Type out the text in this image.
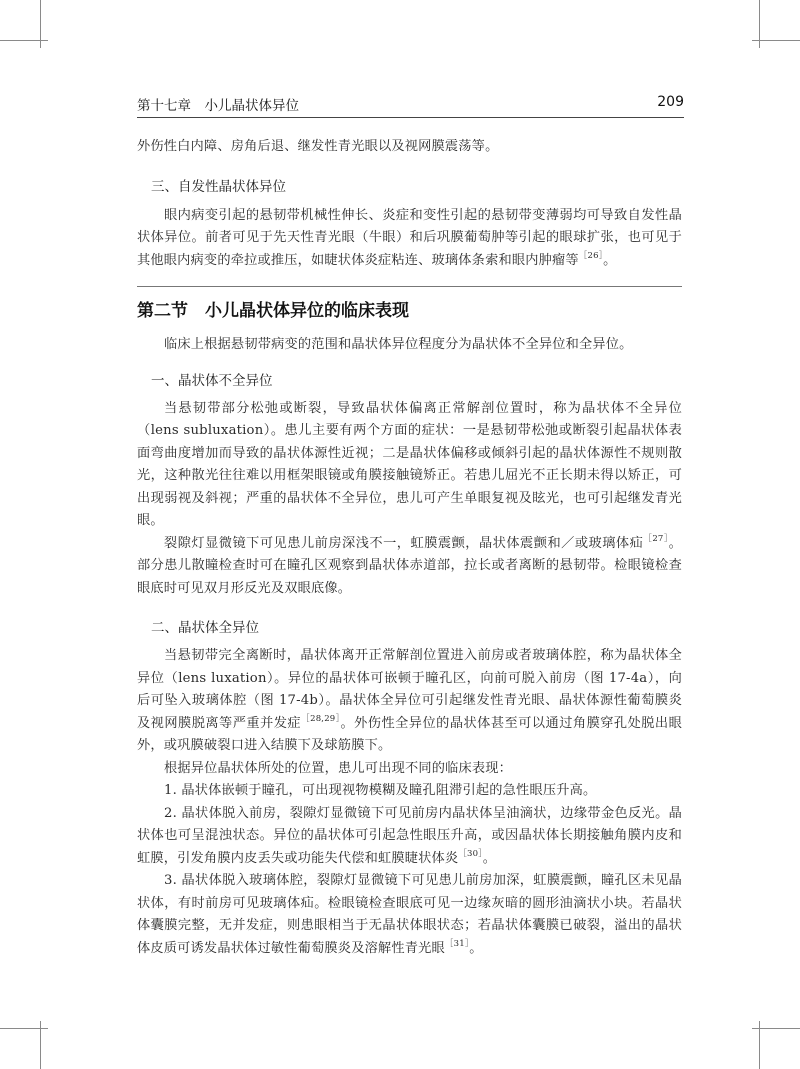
第十七章　小儿晶状体异位	209

外伤性白内障、房角后退、继发性青光眼以及视网膜震荡等。

三、自发性晶状体异位

眼内病变引起的悬韧带机械性伸长、炎症和变性引起的悬韧带变薄弱均可导致自发性晶状体异位。前者可见于先天性青光眼（牛眼）和后巩膜葡萄肿等引起的眼球扩张，也可见于其他眼内病变的牵拉或推压，如睫状体炎症粘连、玻璃体条索和眼内肿瘤等$^{[26]}$。

第二节　小儿晶状体异位的临床表现

临床上根据悬韧带病变的范围和晶状体异位程度分为晶状体不全异位和全异位。

一、晶状体不全异位

当悬韧带部分松弛或断裂，导致晶状体偏离正常解剖位置时，称为晶状体不全异位（lens subluxation）。患儿主要有两个方面的症状：一是悬韧带松弛或断裂引起晶状体表面弯曲度增加而导致的晶状体源性近视；二是晶状体偏移或倾斜引起的晶状体源性不规则散光，这种散光往往难以用框架眼镜或角膜接触镜矫正。若患儿屈光不正长期未得以矫正，可出现弱视及斜视；严重的晶状体不全异位，患儿可产生单眼复视及眩光，也可引起继发青光眼。

裂隙灯显微镜下可见患儿前房深浅不一，虹膜震颤，晶状体震颤和／或玻璃体疝$^{[27]}$。部分患儿散瞳检查时可在瞳孔区观察到晶状体赤道部，拉长或者离断的悬韧带。检眼镜检查眼底时可见双月形反光及双眼底像。

二、晶状体全异位

当悬韧带完全离断时，晶状体离开正常解剖位置进入前房或者玻璃体腔，称为晶状体全异位（lens luxation）。异位的晶状体可嵌顿于瞳孔区，向前可脱入前房（图 17-4a），向后可坠入玻璃体腔（图 17-4b）。晶状体全异位可引起继发性青光眼、晶状体源性葡萄膜炎及视网膜脱离等严重并发症$^{[28,29]}$。外伤性全异位的晶状体甚至可以通过角膜穿孔处脱出眼外，或巩膜破裂口进入结膜下及球筋膜下。

根据异位晶状体所处的位置，患儿可出现不同的临床表现：

1. 晶状体嵌顿于瞳孔，可出现视物模糊及瞳孔阻滞引起的急性眼压升高。

2. 晶状体脱入前房，裂隙灯显微镜下可见前房内晶状体呈油滴状，边缘带金色反光。晶状体也可呈混浊状态。异位的晶状体可引起急性眼压升高，或因晶状体长期接触角膜内皮和虹膜，引发角膜内皮丢失或功能失代偿和虹膜睫状体炎$^{[30]}$。

3. 晶状体脱入玻璃体腔，裂隙灯显微镜下可见患儿前房加深，虹膜震颤，瞳孔区未见晶状体，有时前房可见玻璃体疝。检眼镜检查眼底可见一边缘灰暗的圆形油滴状小块。若晶状体囊膜完整，无并发症，则患眼相当于无晶状体眼状态；若晶状体囊膜已破裂，溢出的晶状体皮质可诱发晶状体过敏性葡萄膜炎及溶解性青光眼$^{[31]}$。
